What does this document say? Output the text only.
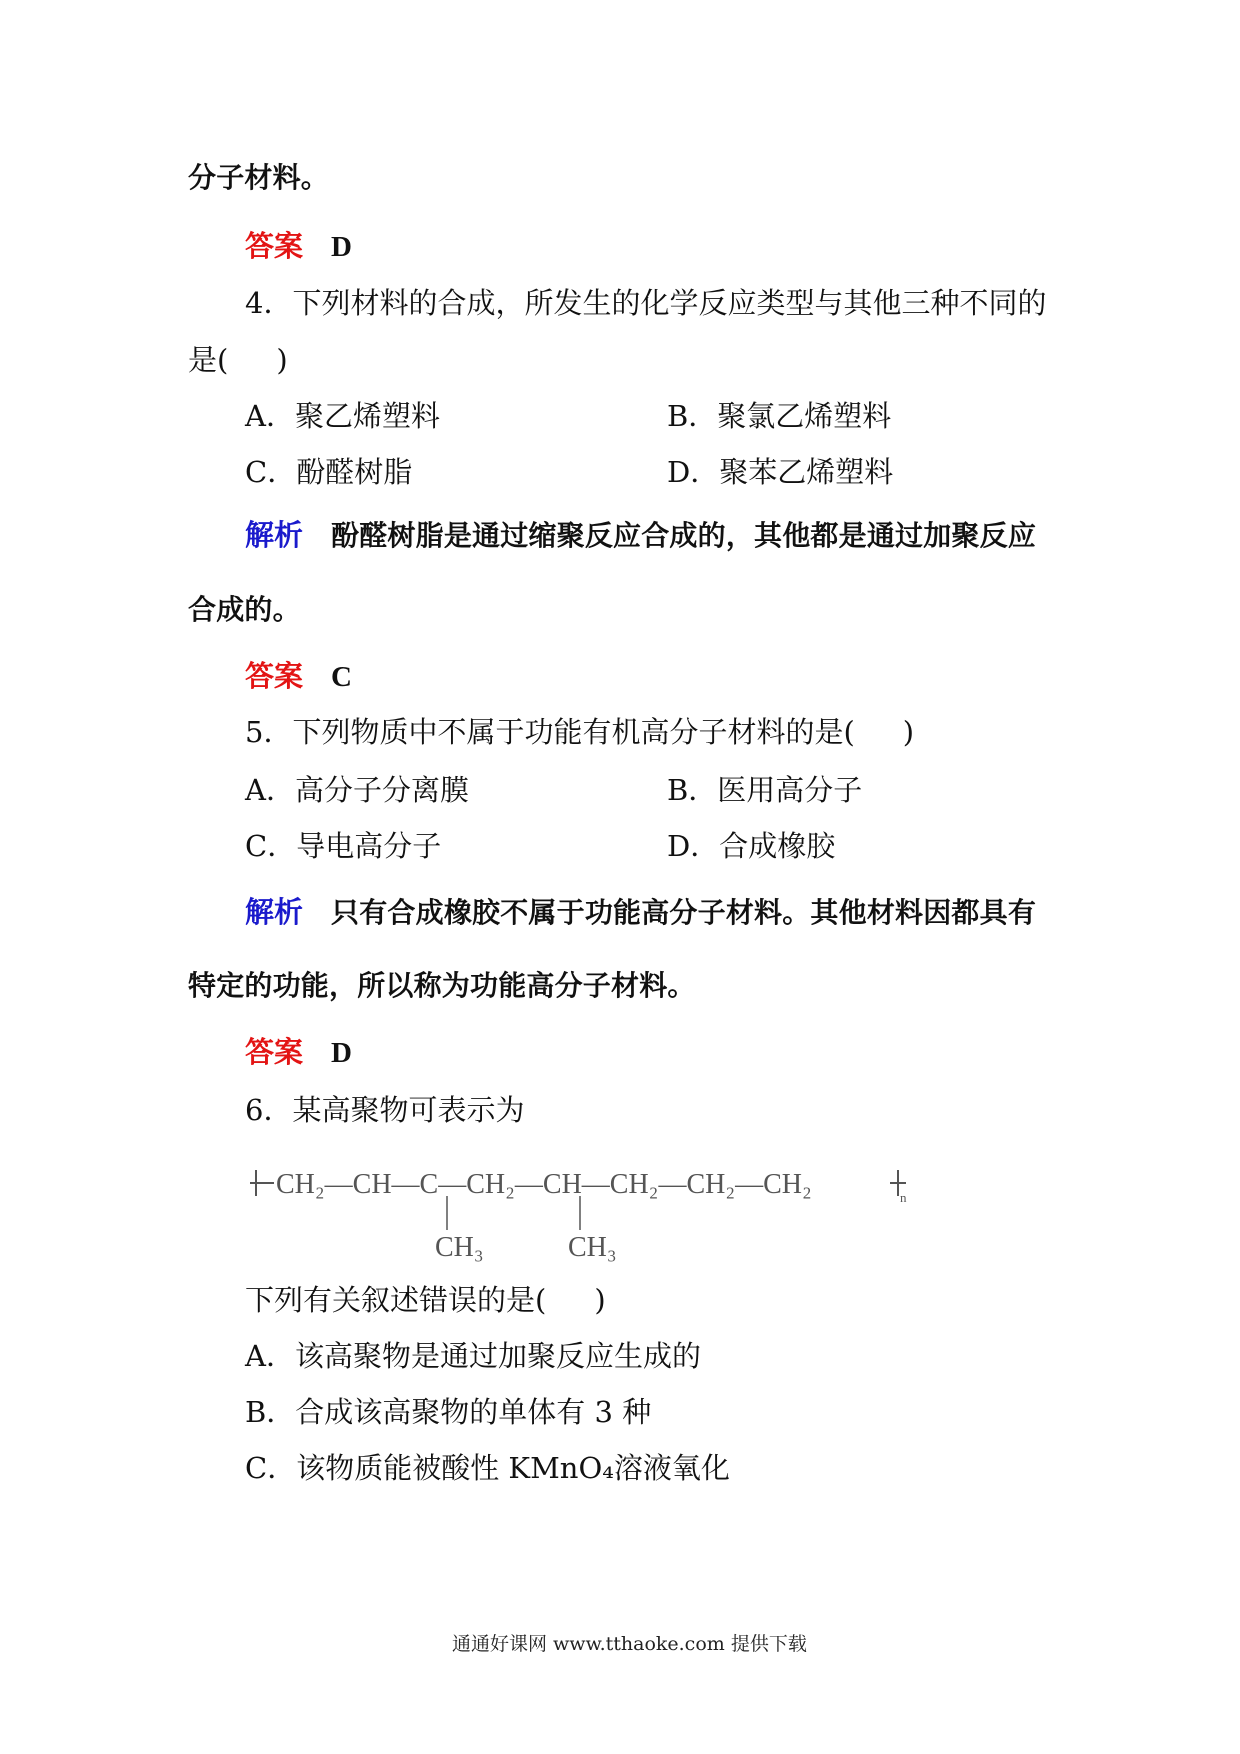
分子材料。
答案 D
4．下列材料的合成，所发生的化学反应类型与其他三种不同的
是( )
A．聚乙烯塑料	B．聚氯乙烯塑料
C．酚醛树脂	D．聚苯乙烯塑料
解析 酚醛树脂是通过缩聚反应合成的，其他都是通过加聚反应
合成的。
答案 C
5．下列物质中不属于功能有机高分子材料的是( )
A．高分子分离膜	B．医用高分子
C．导电高分子	D．合成橡胶
解析 只有合成橡胶不属于功能高分子材料。其他材料因都具有
特定的功能，所以称为功能高分子材料。
答案 D
6．某高聚物可表示为
CH₂—CH—C—CH₂—CH—CH₂—CH₂—CH₂	n
CH₃	CH₃
下列有关叙述错误的是( )
A．该高聚物是通过加聚反应生成的
B．合成该高聚物的单体有 3 种
C．该物质能被酸性 KMnO₄溶液氧化
通通好课网 www.tthaoke.com 提供下载
